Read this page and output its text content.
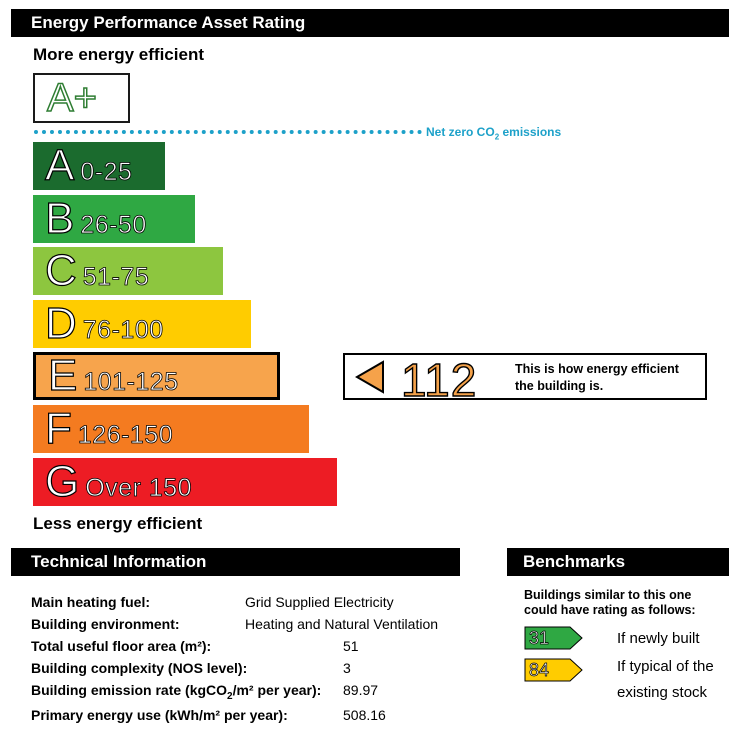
Energy Performance Asset Rating
More energy efficient
A+
Net zero $CO_2$ emissions
A 0-25
B 26-50
C 51-75
D 76-100
E 101-125
F 126-150
G Over 150
112	This is how energy efficient
the building is.
Less energy efficient
Technical Information
Main heating fuel:	Grid Supplied Electricity
Building environment:	Heating and Natural Ventilation
Total useful floor area (m²):	51
Building complexity (NOS level):	3
Building emission rate (kgCO$_2$/m² per year): 89.97
Primary energy use (kWh/m² per year):	508.16
Benchmarks
Buildings similar to this one could have rating as follows:
31	If newly built
84	If typical of the existing stock
